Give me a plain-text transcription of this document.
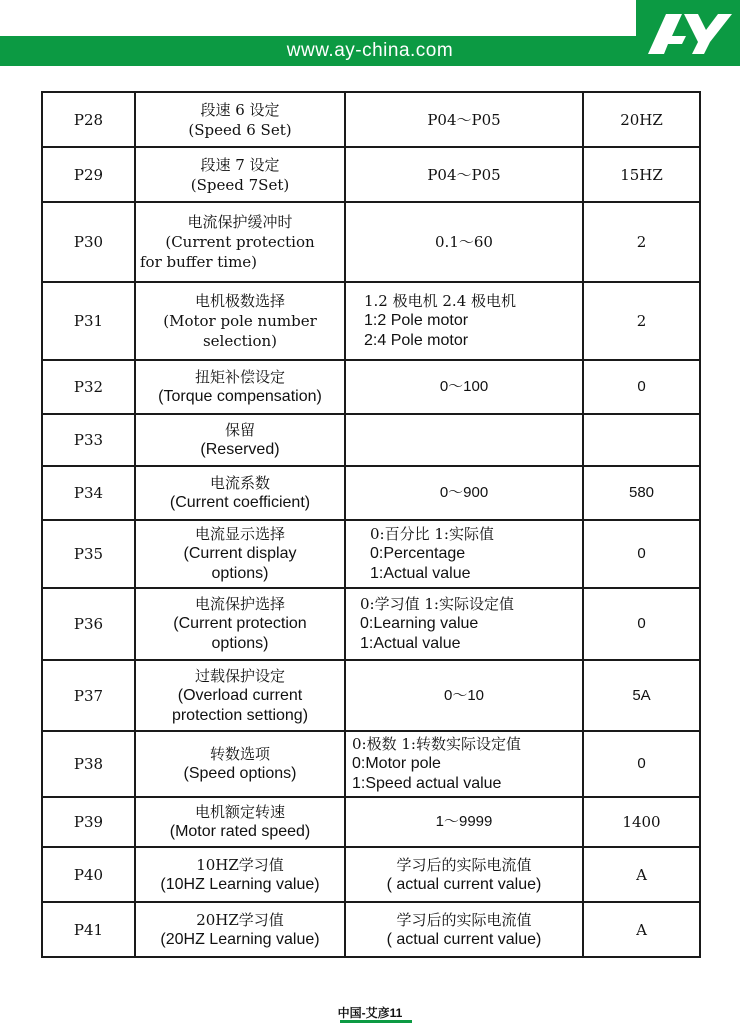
www.ay-china.com
P28	段速 6 设定
(Speed 6 Set)	P04～P05	20HZ
P29	段速 7 设定
(Speed 7Set)	P04～P05	15HZ
P30	电流保护缓冲时
(Current protection
for buffer time)	0.1～60	2
P31	电机极数选择
(Motor pole number
selection)	1.2 极电机 2.4 极电机
1:2 Pole motor
2:4 Pole motor	2
P32	扭矩补偿设定
(Torque compensation)	0～100	0
P33	保留
(Reserved)		

P34	电流系数
(Current coefficient)	0～900	580
P35	电流显示选择
(Current display
options)	0:百分比 1:实际值
0:Percentage
1:Actual value	0
P36	电流保护选择
(Current protection
options)	0:学习值 1:实际设定值
0:Learning value
1:Actual value	0
P37	过载保护设定
(Overload current
protection settiong)	0～10	5A
P38	转数选项
(Speed options)	0:极数 1:转数实际设定值
0:Motor pole
1:Speed actual value	0
P39	电机额定转速
(Motor rated speed)	1～9999	1400
P40	10HZ学习值
(10HZ Learning value)	学习后的实际电流值
( actual current value)	A
P41	20HZ学习值
(20HZ Learning value)	学习后的实际电流值
( actual current value)	A
中国-艾彦11
